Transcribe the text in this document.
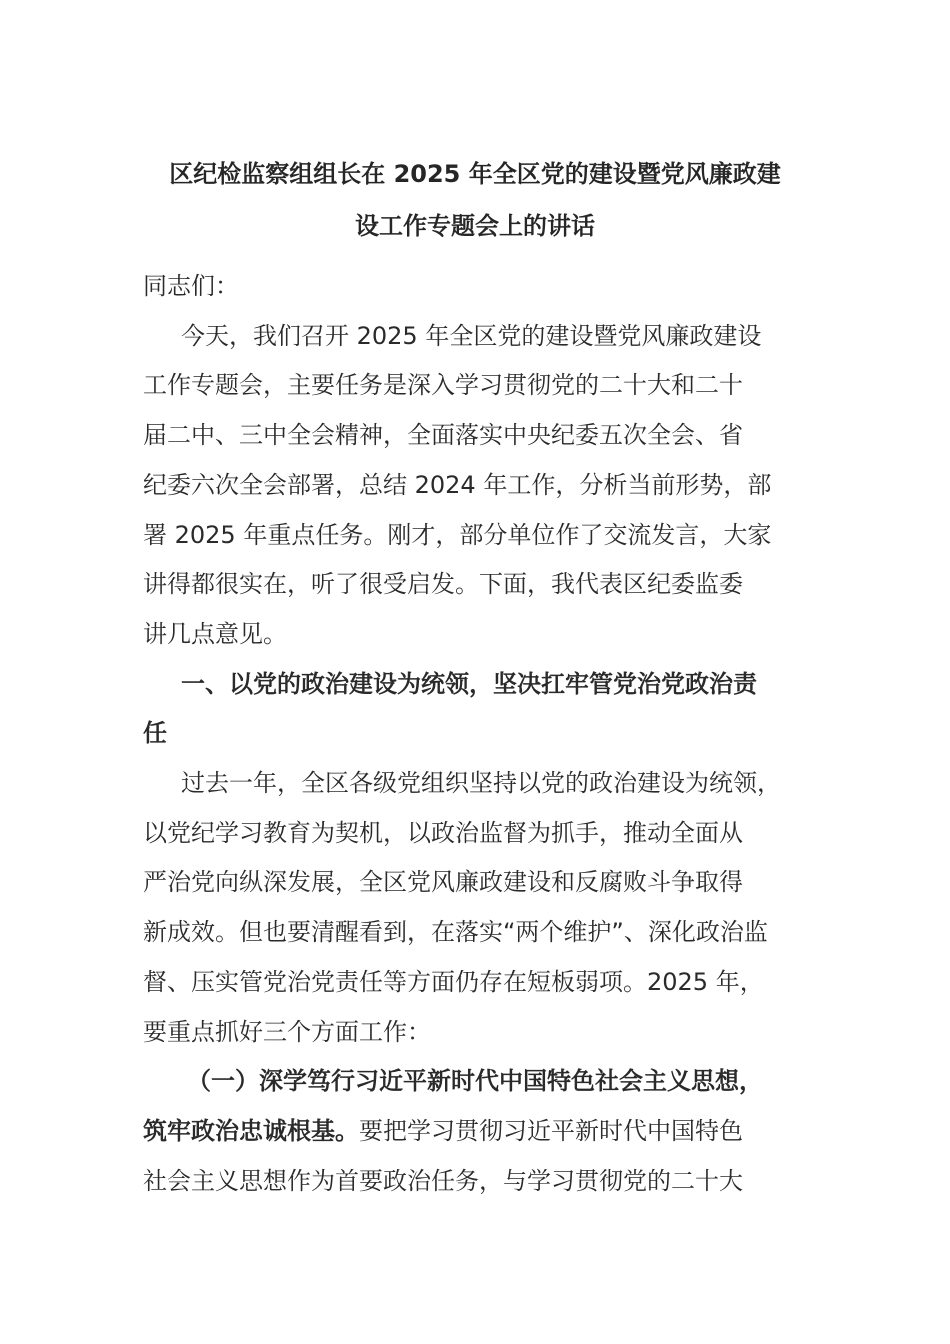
区纪检监察组组长在 2025 年全区党的建设暨党风廉政建
设工作专题会上的讲话
同志们：
今天，我们召开 2025 年全区党的建设暨党风廉政建设
工作专题会，主要任务是深入学习贯彻党的二十大和二十
届二中、三中全会精神，全面落实中央纪委五次全会、省
纪委六次全会部署，总结 2024 年工作，分析当前形势，部
署 2025 年重点任务。刚才，部分单位作了交流发言，大家
讲得都很实在，听了很受启发。下面，我代表区纪委监委
讲几点意见。
一、以党的政治建设为统领，坚决扛牢管党治党政治责
任
过去一年，全区各级党组织坚持以党的政治建设为统领，
以党纪学习教育为契机，以政治监督为抓手，推动全面从
严治党向纵深发展，全区党风廉政建设和反腐败斗争取得
新成效。但也要清醒看到，在落实“两个维护”、深化政治监
督、压实管党治党责任等方面仍存在短板弱项。2025 年，
要重点抓好三个方面工作：
（一）深学笃行习近平新时代中国特色社会主义思想，
筑牢政治忠诚根基。要把学习贯彻习近平新时代中国特色
社会主义思想作为首要政治任务，与学习贯彻党的二十大
